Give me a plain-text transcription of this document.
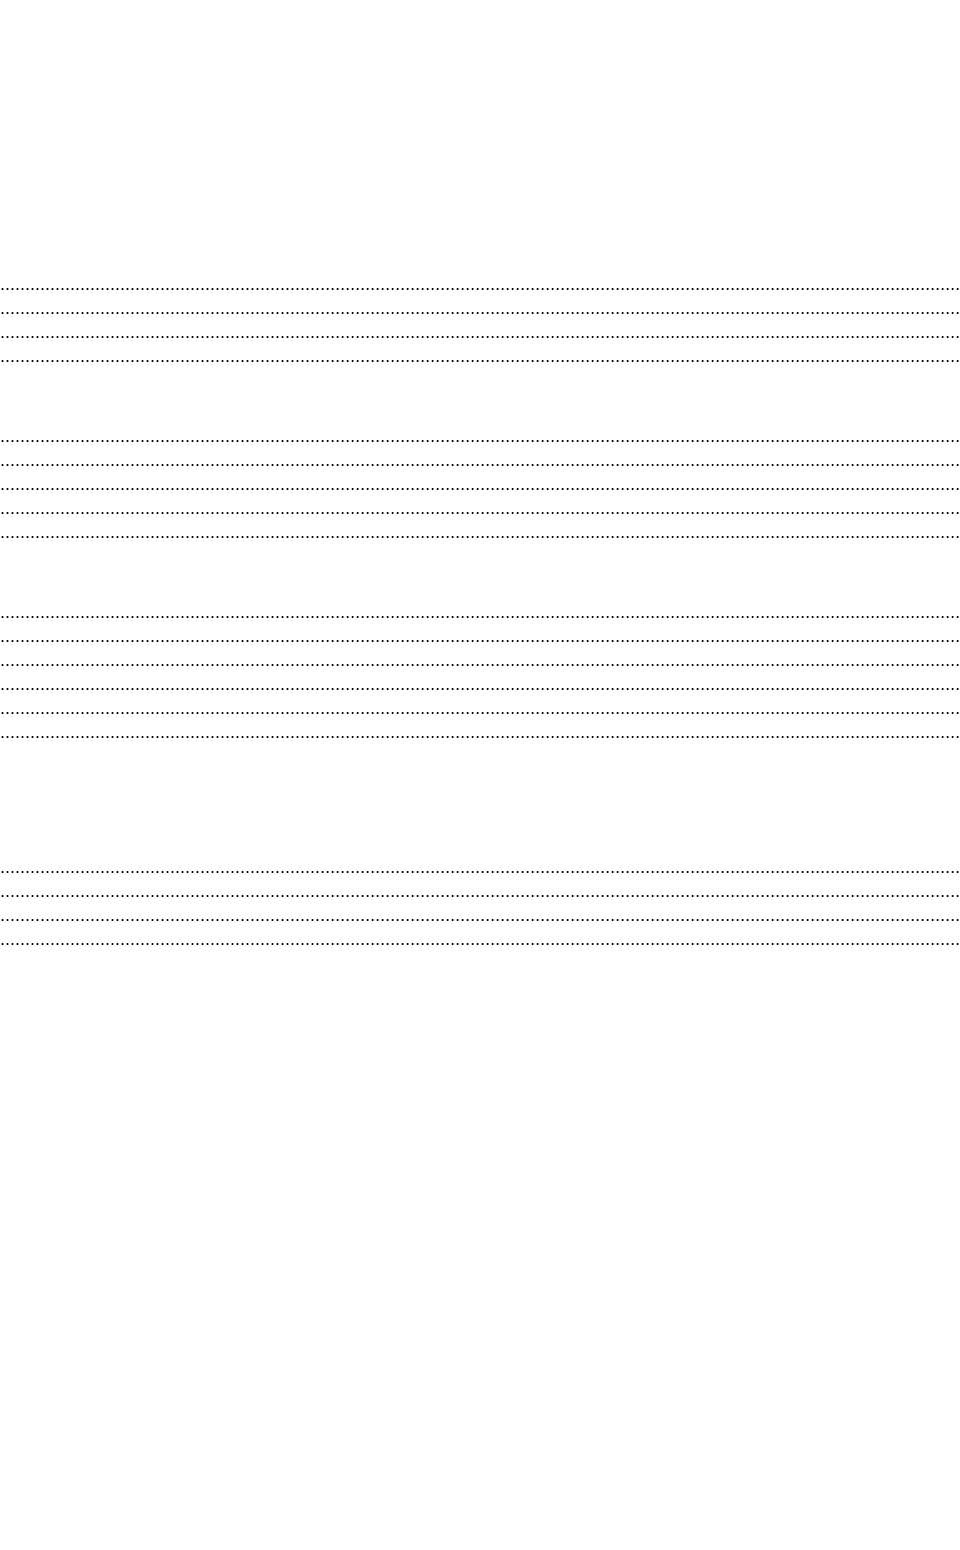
.....
.....
.....
.....
.....
.....
.....
.....
.....
.....
.....
.....
.....
.....
.....
.....
.....
.....
.....
